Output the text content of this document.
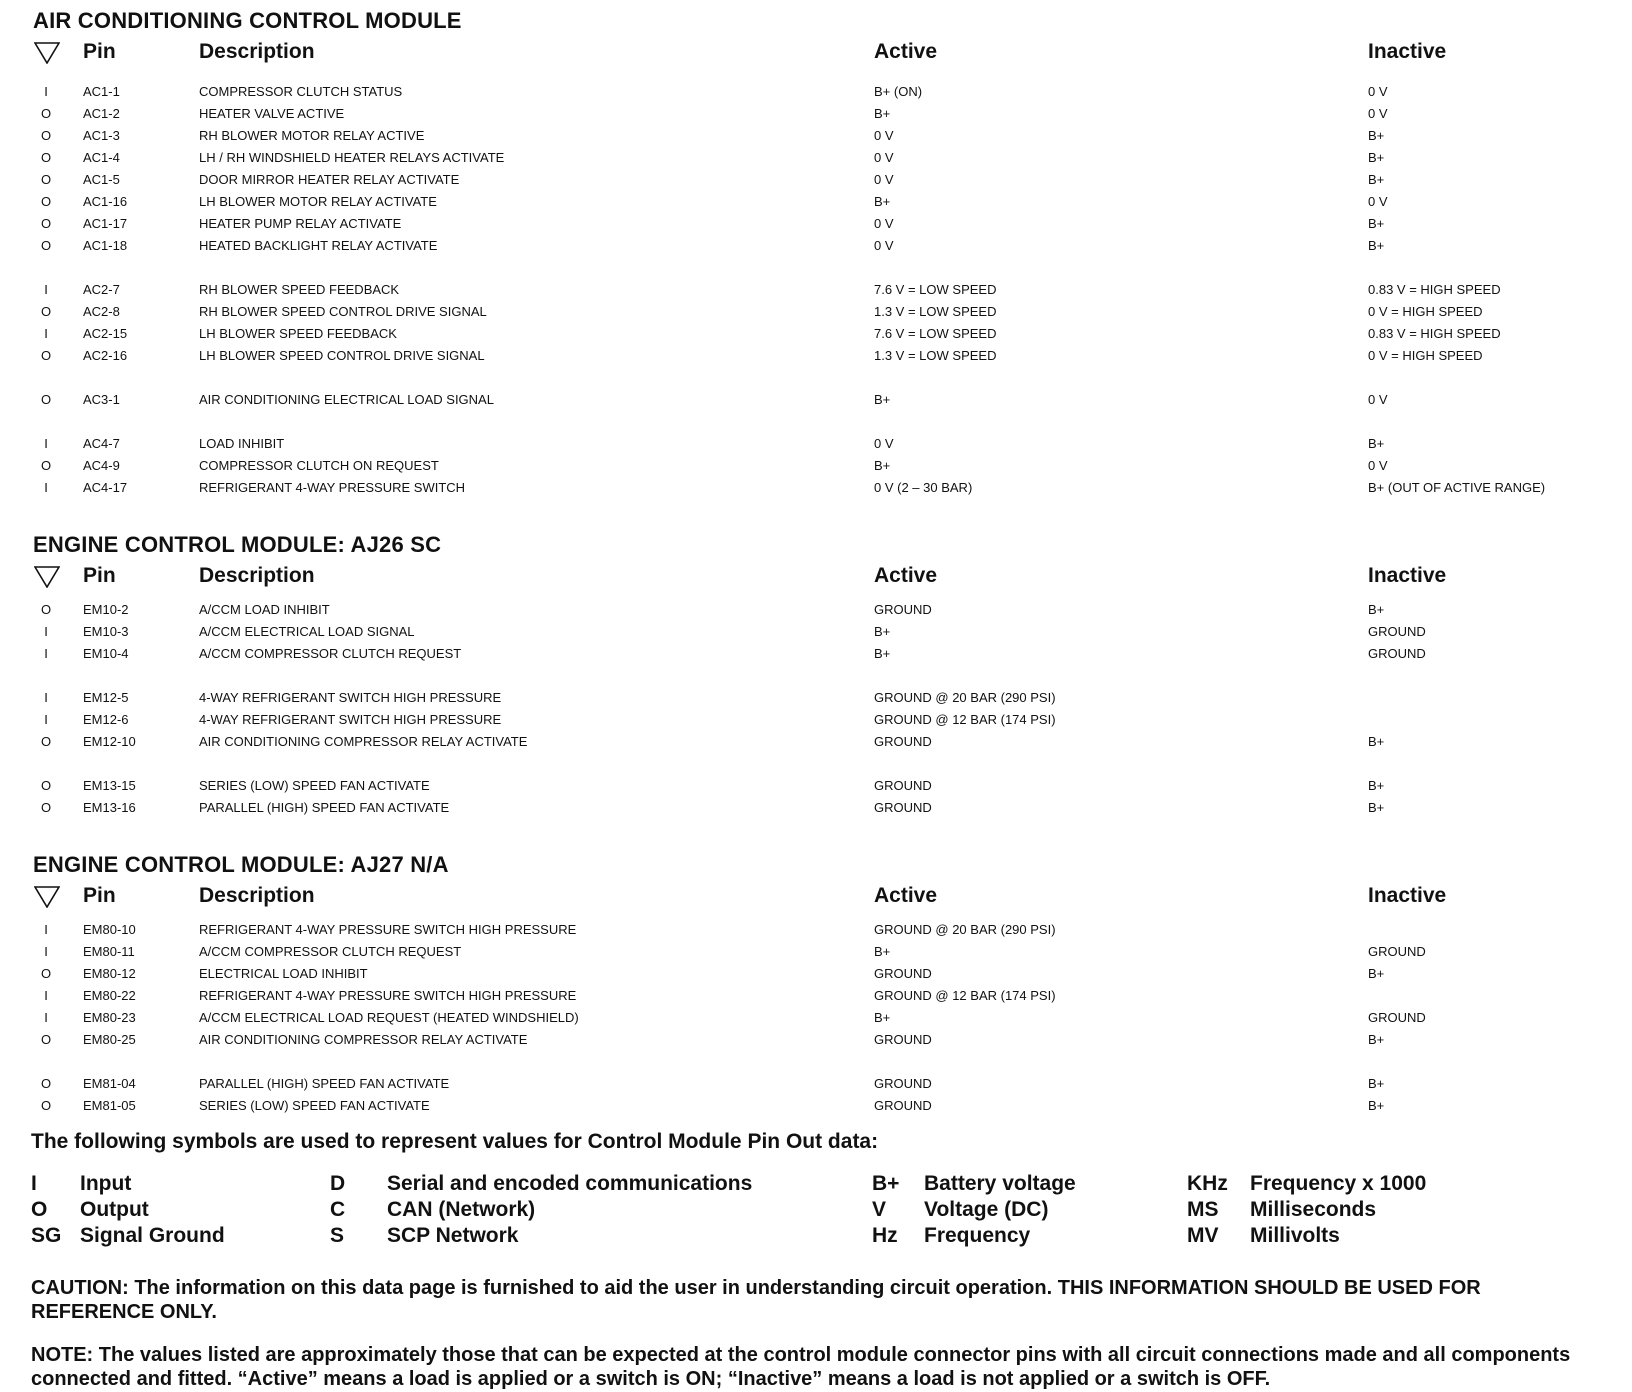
AIR CONDITIONING CONTROL MODULE
Pin	Description	Active	Inactive
I	AC1-1	COMPRESSOR CLUTCH STATUS	B+ (ON)	0 V
O AC1-2	HEATER VALVE ACTIVE	B+	0 V
O AC1-3	RH BLOWER MOTOR RELAY ACTIVE	0 V	B+
O AC1-4	LH / RH WINDSHIELD HEATER RELAYS ACTIVATE	0 V	B+
O AC1-5	DOOR MIRROR HEATER RELAY ACTIVATE	0 V	B+
O AC1-16	LH BLOWER MOTOR RELAY ACTIVATE	B+	0 V
O AC1-17	HEATER PUMP RELAY ACTIVATE	0 V	B+
O AC1-18	HEATED BACKLIGHT RELAY ACTIVATE	0 V	B+
I	AC2-7	RH BLOWER SPEED FEEDBACK	7.6 V = LOW SPEED	0.83 V = HIGH SPEED
O AC2-8	RH BLOWER SPEED CONTROL DRIVE SIGNAL	1.3 V = LOW SPEED	0 V = HIGH SPEED
I	AC2-15	LH BLOWER SPEED FEEDBACK	7.6 V = LOW SPEED	0.83 V = HIGH SPEED
O AC2-16	LH BLOWER SPEED CONTROL DRIVE SIGNAL	1.3 V = LOW SPEED	0 V = HIGH SPEED
O AC3-1	AIR CONDITIONING ELECTRICAL LOAD SIGNAL	B+	0 V
I	AC4-7	LOAD INHIBIT	0 V	B+
O AC4-9	COMPRESSOR CLUTCH ON REQUEST	B+	0 V
I	AC4-17	REFRIGERANT 4-WAY PRESSURE SWITCH	0 V (2 – 30 BAR)	B+ (OUT OF ACTIVE RANGE)
ENGINE CONTROL MODULE: AJ26 SC
Pin	Description	Active	Inactive
O EM10-2	A/CCM LOAD INHIBIT	GROUND	B+
I	EM10-3	A/CCM ELECTRICAL LOAD SIGNAL	B+	GROUND
I	EM10-4	A/CCM COMPRESSOR CLUTCH REQUEST	B+	GROUND
I	EM12-5	4-WAY REFRIGERANT SWITCH HIGH PRESSURE	GROUND @ 20 BAR (290 PSI)
I	EM12-6	4-WAY REFRIGERANT SWITCH HIGH PRESSURE	GROUND @ 12 BAR (174 PSI)
O EM12-10	AIR CONDITIONING COMPRESSOR RELAY ACTIVATE	GROUND	B+
O EM13-15	SERIES (LOW) SPEED FAN ACTIVATE	GROUND	B+
O EM13-16	PARALLEL (HIGH) SPEED FAN ACTIVATE	GROUND	B+
ENGINE CONTROL MODULE: AJ27 N/A
Pin	Description	Active	Inactive
I	EM80-10	REFRIGERANT 4-WAY PRESSURE SWITCH HIGH PRESSURE	GROUND @ 20 BAR (290 PSI)
I	EM80-11	A/CCM COMPRESSOR CLUTCH REQUEST	B+	GROUND
O EM80-12	ELECTRICAL LOAD INHIBIT	GROUND	B+
I	EM80-22	REFRIGERANT 4-WAY PRESSURE SWITCH HIGH PRESSURE	GROUND @ 12 BAR (174 PSI)
I	EM80-23	A/CCM ELECTRICAL LOAD REQUEST (HEATED WINDSHIELD)	B+	GROUND
O EM80-25	AIR CONDITIONING COMPRESSOR RELAY ACTIVATE	GROUND	B+
O EM81-04	PARALLEL (HIGH) SPEED FAN ACTIVATE	GROUND	B+
O EM81-05	SERIES (LOW) SPEED FAN ACTIVATE	GROUND	B+
The following symbols are used to represent values for Control Module Pin Out data:
I Input
O Output
SG Signal Ground
D Serial and encoded communications
C CAN (Network)
S SCP Network
B+ Battery voltage
V Voltage (DC)
Hz Frequency
KHz Frequency x 1000
MS Milliseconds
MV Millivolts
CAUTION: The information on this data page is furnished to aid the user in understanding circuit operation. THIS INFORMATION SHOULD BE USED FOR REFERENCE ONLY.
NOTE: The values listed are approximately those that can be expected at the control module connector pins with all circuit connections made and all components connected and fitted. “Active” means a load is applied or a switch is ON; “Inactive” means a load is not applied or a switch is OFF.
